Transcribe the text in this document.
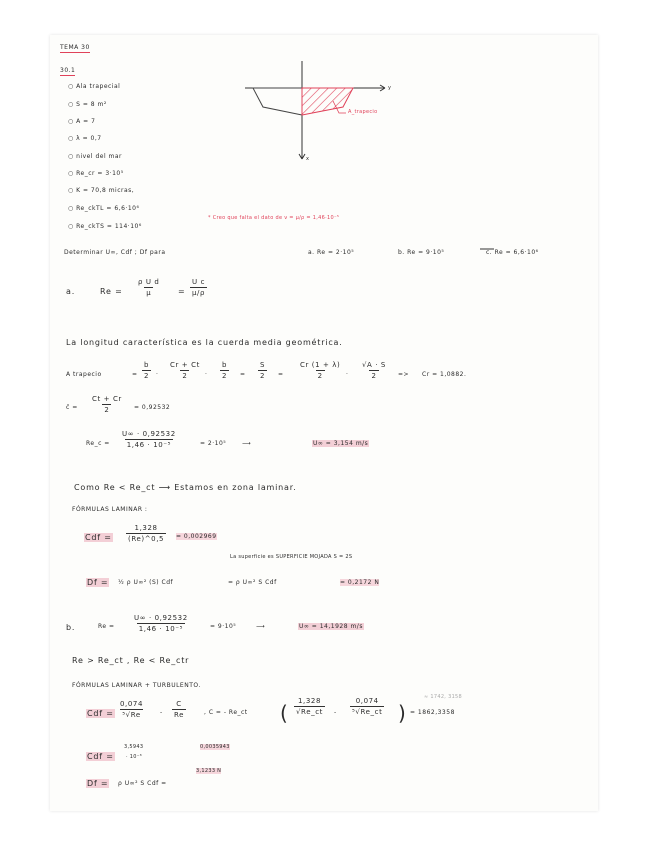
TEMA 30
30.1
○ Ala trapecial
○ S = 8 m²
○ A = 7
○ λ = 0,7
○ nivel del mar
○ Re_cr = 3·10⁵
○ K = 70,8 micras,
○ Re_ckTL = 6,6·10⁶
○ Re_ckTS = 114·10⁶
y
x
A_trapecio
* Creo que falta el dato de ν = μ/ρ = 1,46·10⁻⁵
Determinar U∞, Cdf ; Df para	a. Re = 2·10⁵	b. Re = 9·10⁵	c. Re = 6,6·10⁶
a.	$Re = \frac{\text{ρ U d}}{\mu} = \frac{\text{U c}}{\mu/\rho}$
La longitud característica es la cuerda media geométrica.
A trapecio	= $\frac{b}{2} \cdot \frac{Cr + Ct}{2} \cdot \frac{b}{2} = \frac{S}{2} = \frac{Cr (1 + \lambda)}{2} \cdot \frac{√A \cdot S}{2} => Cr = 1,0882$.
c̄ = $\frac{Ct + Cr}{2} = 0,92532$
Re_c = $\frac{U\infty \cdot 0,92532}{\text{1,46 · 10⁻⁵}}$	= 2·10⁵	⟶	U∞ = 3,154 m/s
Como Re < Re_ct ⟶ Estamos en zona laminar.
FÓRMULAS LAMINAR :
Cdf = $\frac{1,328}{(Re)\^{}0,5} = 0,002969$
La superficie es SUPERFICIE MOJADA S = 2S
Df = ½ ρ U∞² (S) Cdf	= ρ U∞² S Cdf	= 0,2172 N
b.	$Re = \frac{U\infty \cdot 0,92532}{\text{1,46 · 10⁻⁵}}$	= 9·10⁵	⟶	U∞ = 14,1928 m/s
Re > Re_ct , Re < Re_ctr
FÓRMULAS LAMINAR + TURBULENTO.
Cdf = $\frac{0,074}{\text{⁵√Re}} - \frac{C}{Re}$	, C = - Re_ct ( $\frac{1,328}{√Re\_ct} - \frac{0,074}{\text{⁵√Re\_ct}}$ ) = 1862,3358
≈ 1742, 3158
Cdf =
3,5943
· 10⁻³
0,0035943
Df = ρ U∞² S Cdf =
3,1233 N
